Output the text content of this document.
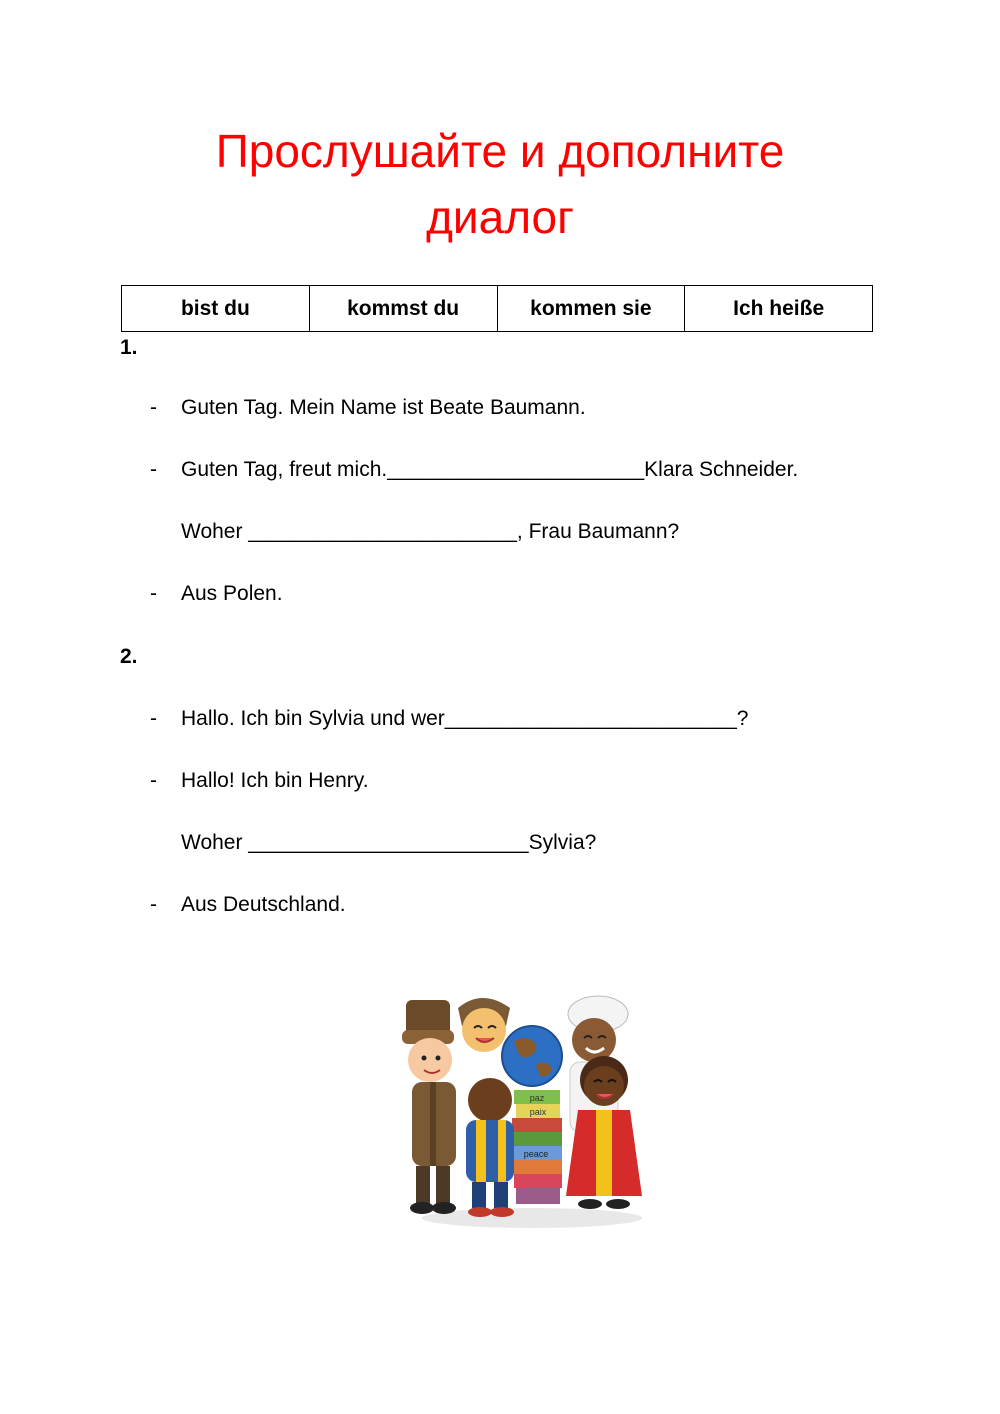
Прослушайте и дополните
диалог
bist du	kommst du	kommen sie	Ich heiße
1.
- Guten Tag. Mein Name ist Beate Baumann.
- Guten Tag, freut mich.______________________Klara Schneider.
Woher _______________________, Frau Baumann?
- Aus Polen.
2.
- Hallo. Ich bin Sylvia und wer_________________________?
- Hallo! Ich bin Henry.
Woher ________________________Sylvia?
- Aus Deutschland.
paz
paix
peace
